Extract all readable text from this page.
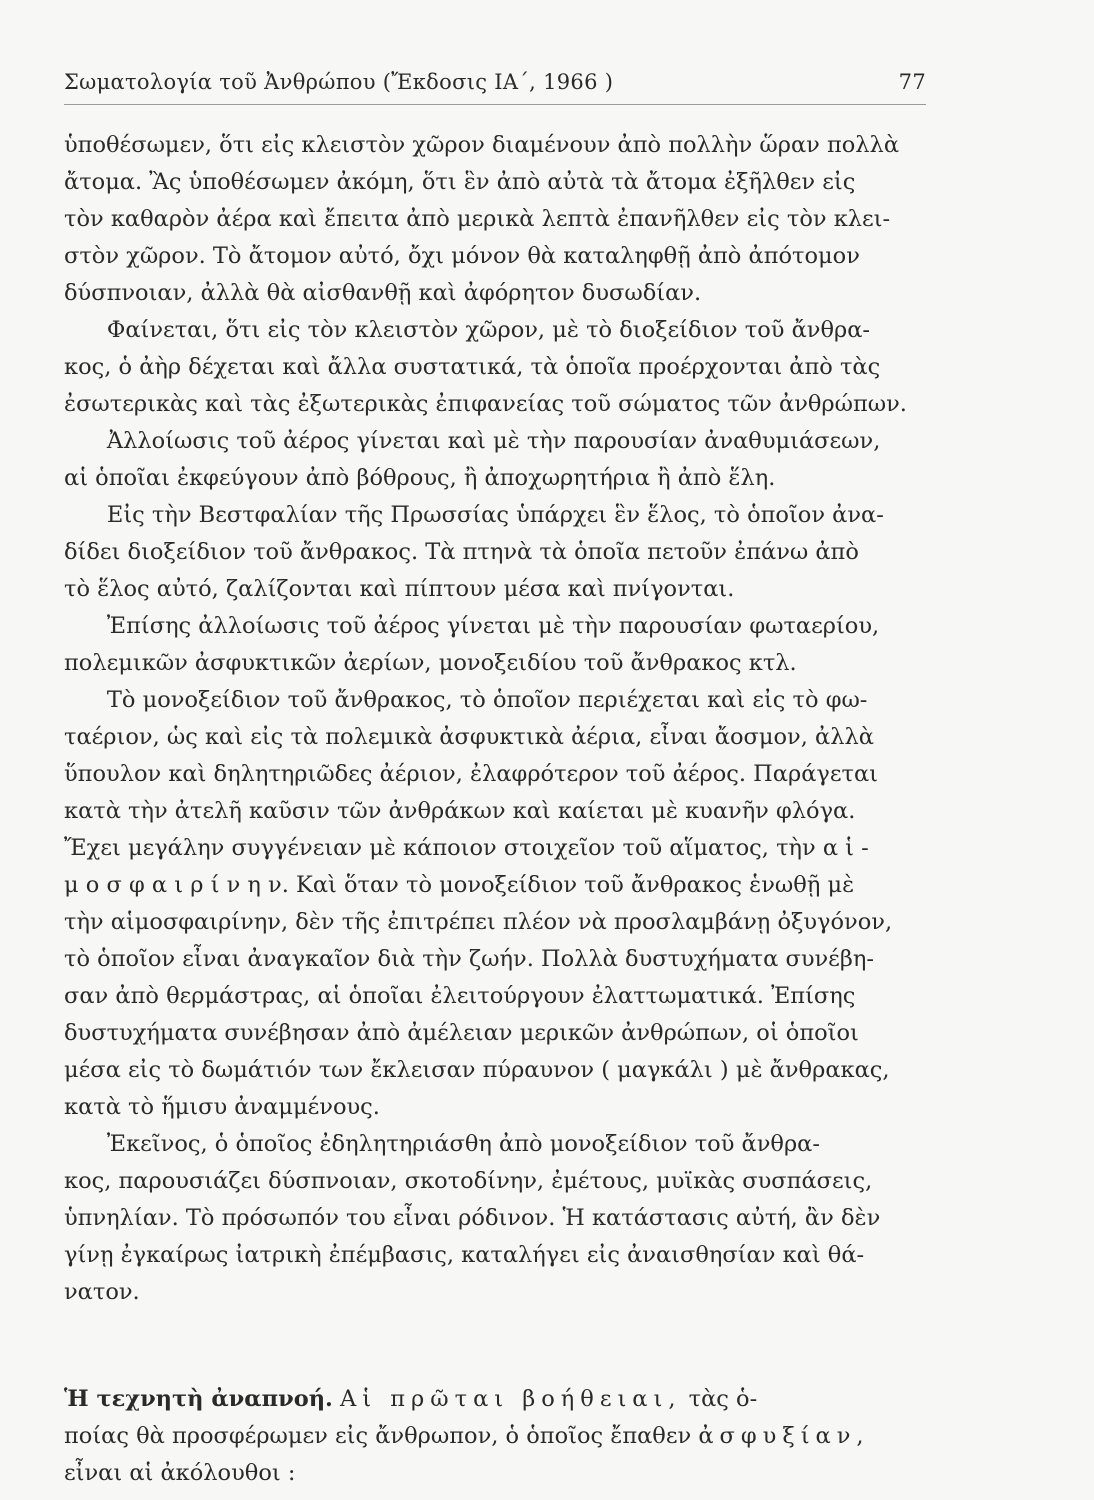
Σωματολογία τοῦ Ἀνθρώπου (Ἔκδοσις ΙΑ΄, 1966 )	77
ὑποθέσωμεν, ὅτι εἰς κλειστὸν χῶρον διαμένουν ἀπὸ πολλὴν ὥραν πολλὰ
ἄτομα. Ἂς ὑποθέσωμεν ἀκόμη, ὅτι ἓν ἀπὸ αὐτὰ τὰ ἄτομα ἐξῆλθεν εἰς
τὸν καθαρὸν ἀέρα καὶ ἔπειτα ἀπὸ μερικὰ λεπτὰ ἐπανῆλθεν εἰς τὸν κλει-
στὸν χῶρον. Τὸ ἄτομον αὐτό, ὄχι μόνον θὰ καταληφθῇ ἀπὸ ἀπότομον
δύσπνοιαν, ἀλλὰ θὰ αἰσθανθῇ καὶ ἀφόρητον δυσωδίαν.
Φαίνεται, ὅτι εἰς τὸν κλειστὸν χῶρον, μὲ τὸ διοξείδιον τοῦ ἄνθρα-
κος, ὁ ἀὴρ δέχεται καὶ ἄλλα συστατικά, τὰ ὁποῖα προέρχονται ἀπὸ τὰς
ἐσωτερικὰς καὶ τὰς ἐξωτερικὰς ἐπιφανείας τοῦ σώματος τῶν ἀνθρώπων.
Ἀλλοίωσις τοῦ ἀέρος γίνεται καὶ μὲ τὴν παρουσίαν ἀναθυμιάσεων,
αἱ ὁποῖαι ἐκφεύγουν ἀπὸ βόθρους, ἢ ἀποχωρητήρια ἢ ἀπὸ ἕλη.
Εἰς τὴν Βεστφαλίαν τῆς Πρωσσίας ὑπάρχει ἓν ἕλος, τὸ ὁποῖον ἀνα-
δίδει διοξείδιον τοῦ ἄνθρακος. Τὰ πτηνὰ τὰ ὁποῖα πετοῦν ἐπάνω ἀπὸ
τὸ ἕλος αὐτό, ζαλίζονται καὶ πίπτουν μέσα καὶ πνίγονται.
Ἐπίσης ἀλλοίωσις τοῦ ἀέρος γίνεται μὲ τὴν παρουσίαν φωταερίου,
πολεμικῶν ἀσφυκτικῶν ἀερίων, μονοξειδίου τοῦ ἄνθρακος κτλ.
Τὸ μονοξείδιον τοῦ ἄνθρακος, τὸ ὁποῖον περιέχεται καὶ εἰς τὸ φω-
ταέριον, ὡς καὶ εἰς τὰ πολεμικὰ ἀσφυκτικὰ ἀέρια, εἶναι ἄοσμον, ἀλλὰ
ὕπουλον καὶ δηλητηριῶδες ἀέριον, ἐλαφρότερον τοῦ ἀέρος. Παράγεται
κατὰ τὴν ἀτελῆ καῦσιν τῶν ἀνθράκων καὶ καίεται μὲ κυανῆν φλόγα.
Ἔχει μεγάλην συγγένειαν μὲ κάποιον στοιχεῖον τοῦ αἵματος, τὴν α ἱ -
μ ο σ φ α ι ρ ί ν η ν. Καὶ ὅταν τὸ μονοξείδιον τοῦ ἄνθρακος ἑνωθῇ μὲ
τὴν αἱμοσφαιρίνην, δὲν τῆς ἐπιτρέπει πλέον νὰ προσλαμβάνῃ ὀξυγόνον,
τὸ ὁποῖον εἶναι ἀναγκαῖον διὰ τὴν ζωήν. Πολλὰ δυστυχήματα συνέβη-
σαν ἀπὸ θερμάστρας, αἱ ὁποῖαι ἐλειτούργουν ἐλαττωματικά. Ἐπίσης
δυστυχήματα συνέβησαν ἀπὸ ἀμέλειαν μερικῶν ἀνθρώπων, οἱ ὁποῖοι
μέσα εἰς τὸ δωμάτιόν των ἔκλεισαν πύραυνον ( μαγκάλι ) μὲ ἄνθρακας,
κατὰ τὸ ἥμισυ ἀναμμένους.
Ἐκεῖνος, ὁ ὁποῖος ἐδηλητηριάσθη ἀπὸ μονοξείδιον τοῦ ἄνθρα-
κος, παρουσιάζει δύσπνοιαν, σκοτοδίνην, ἐμέτους, μυϊκὰς συσπάσεις,
ὑπνηλίαν. Τὸ πρόσωπόν του εἶναι ρόδινον. Ἡ κατάστασις αὐτή, ἂν δὲν
γίνῃ ἐγκαίρως ἰατρικὴ ἐπέμβασις, καταλήγει εἰς ἀναισθησίαν καὶ θά-
νατον.
Ἡ τεχνητὴ ἀναπνοή. Αἱ πρῶται βοήθειαι, τὰς ὁ-
ποίας θὰ προσφέρωμεν εἰς ἄνθρωπον, ὁ ὁποῖος ἔπαθεν ἀσφυξίαν,
εἶναι αἱ ἀκόλουθοι :
